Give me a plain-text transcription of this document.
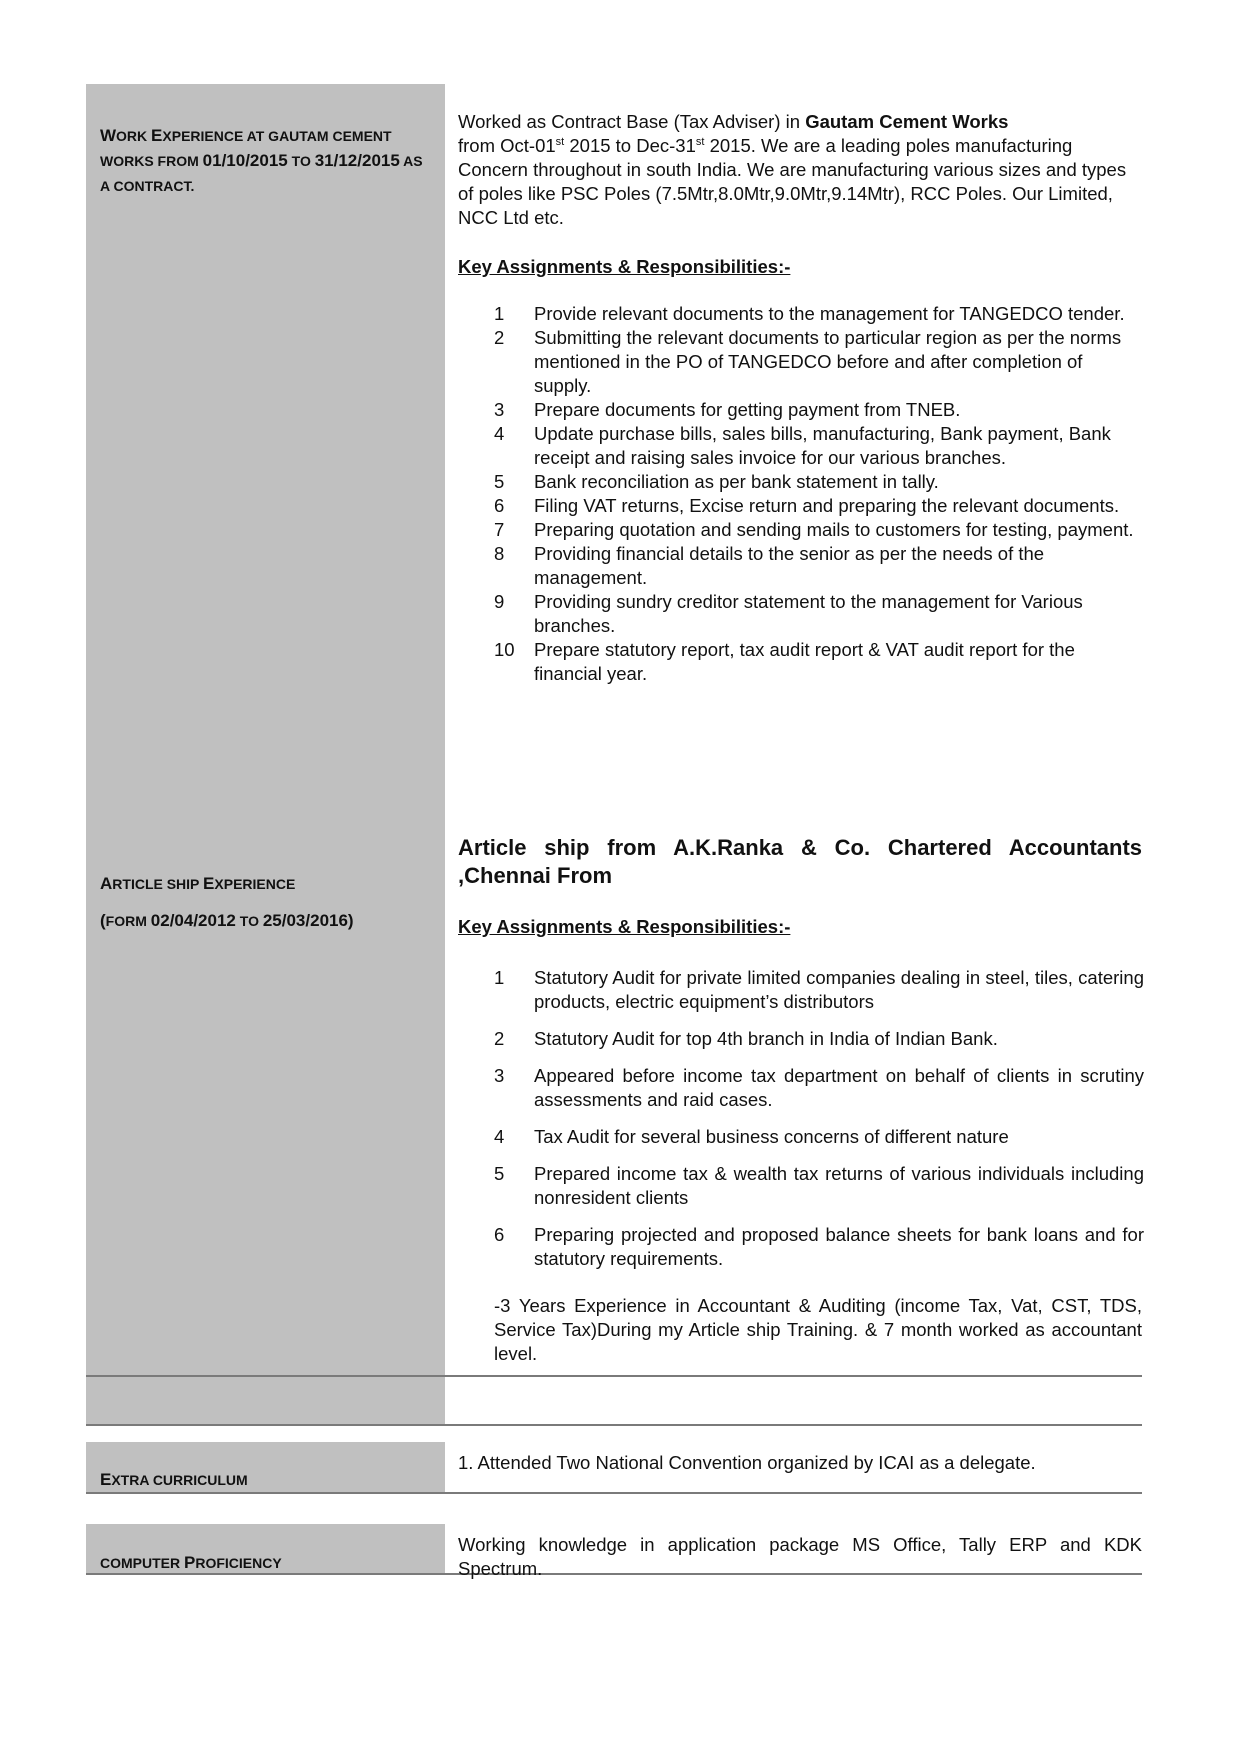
WORK EXPERIENCE AT GAUTAM CEMENT WORKS FROM 01/10/2015 TO 31/12/2015 AS A CONTRACT.
Worked as Contract Base (Tax Adviser) in Gautam Cement Works
from Oct-01st 2015 to Dec-31st 2015. We are a leading poles manufacturing Concern throughout in south India. We are manufacturing various sizes and types of poles like PSC Poles (7.5Mtr,8.0Mtr,9.0Mtr,9.14Mtr), RCC Poles. Our Limited, NCC Ltd etc.
Key Assignments & Responsibilities:-
1	Provide relevant documents to the management for TANGEDCO tender.
2	Submitting the relevant documents to particular region as per the norms mentioned in the PO of TANGEDCO before and after completion of supply.
3	Prepare documents for getting payment from TNEB.
4	Update purchase bills, sales bills, manufacturing, Bank payment, Bank receipt and raising sales invoice for our various branches.
5	Bank reconciliation as per bank statement in tally.
6	Filing VAT returns, Excise return and preparing the relevant documents.
7	Preparing quotation and sending mails to customers for testing, payment.
8	Providing financial details to the senior as per the needs of the management.
9	Providing sundry creditor statement to the management for Various branches.
10	Prepare statutory report, tax audit report & VAT audit report for the financial year.
ARTICLE SHIP EXPERIENCE
(FORM 02/04/2012 TO 25/03/2016)
Article ship from A.K.Ranka & Co. Chartered Accountants ,Chennai From
Key Assignments & Responsibilities:-
1	Statutory Audit for private limited companies dealing in steel, tiles, catering products, electric equipment’s distributors
2	Statutory Audit for top 4th branch in India of Indian Bank.
3	Appeared before income tax department on behalf of clients in scrutiny assessments and raid cases.
4	Tax Audit for several business concerns of different nature
5	Prepared income tax & wealth tax returns of various individuals including nonresident clients
6	Preparing projected and proposed balance sheets for bank loans and for statutory requirements.
-3 Years Experience in Accountant & Auditing (income Tax, Vat, CST, TDS, Service Tax)During my Article ship Training. & 7 month worked as accountant level.
EXTRA CURRICULUM
1. Attended Two National Convention organized by ICAI as a delegate.
COMPUTER PROFICIENCY
Working knowledge in application package MS Office, Tally ERP and KDK Spectrum.
